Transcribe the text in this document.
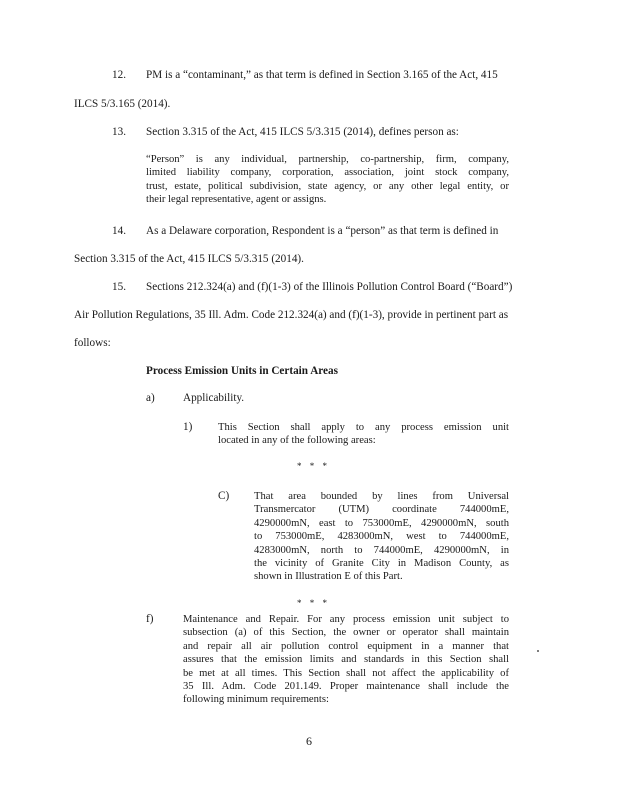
12. PM is a “contaminant,” as that term is defined in Section 3.165 of the Act, 415
ILCS 5/3.165 (2014).
13. Section 3.315 of the Act, 415 ILCS 5/3.315 (2014), defines person as:
“Person” is any individual, partnership, co-partnership, firm, company,
limited liability company, corporation, association, joint stock company,
trust, estate, political subdivision, state agency, or any other legal entity, or
their legal representative, agent or assigns.
14. As a Delaware corporation, Respondent is a “person” as that term is defined in
Section 3.315 of the Act, 415 ILCS 5/3.315 (2014).
15. Sections 212.324(a) and (f)(1-3) of the Illinois Pollution Control Board (“Board”)
Air Pollution Regulations, 35 Ill. Adm. Code 212.324(a) and (f)(1-3), provide in pertinent part as
follows:
Process Emission Units in Certain Areas
a)	Applicability.
1) This Section shall apply to any process emission unit
located in any of the following areas:
* * *
C) That area bounded by lines from Universal
Transmercator (UTM) coordinate 744000mE,
4290000mN, east to 753000mE, 4290000mN, south
to 753000mE, 4283000mN, west to 744000mE,
4283000mN, north to 744000mE, 4290000mN, in
the vicinity of Granite City in Madison County, as
shown in Illustration E of this Part.
* * *
f)	Maintenance and Repair. For any process emission unit subject to
subsection (a) of this Section, the owner or operator shall maintain
and repair all air pollution control equipment in a manner that
assures that the emission limits and standards in this Section shall
be met at all times. This Section shall not affect the applicability of
35 Ill. Adm. Code 201.149. Proper maintenance shall include the
following minimum requirements:
6
